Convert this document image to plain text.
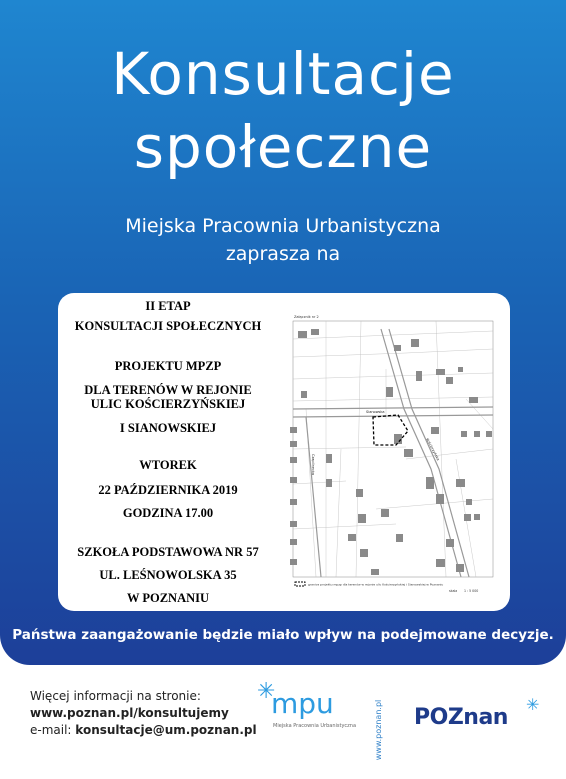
Konsultacje
społeczne
Miejska Pracownia Urbanistyczna
zaprasza na
II ETAP
KONSULTACJI SPOŁECZNYCH
PROJEKTU MPZP
DLA TERENÓW W REJONIE
ULIC KOŚCIERZYŃSKIEJ
I SIANOWSKIEJ
WTOREK
22 PAŹDZIERNIKA 2019
GODZINA 17.00
SZKOŁA PODSTAWOWA NR 57
UL. LEŚNOWOLSKA 35
W POZNANIU
Załącznik nr 2
Sianowska
Kościerzyńska
Czaplinecka
granice projektu mpzp dla terenów w rejonie ulic Kościerzyńskiej i Sianowskiej w Poznaniu
skala 1 : 5 000
Państwa zaangażowanie będzie miało wpływ na podejmowane decyzje.
Więcej informacji na stronie:
www.poznan.pl/konsultujemy
e-mail: konsultacje@um.poznan.pl
✳
mpu
Miejska Pracownia Urbanistyczna www.poznan.pl POZnan
✳
